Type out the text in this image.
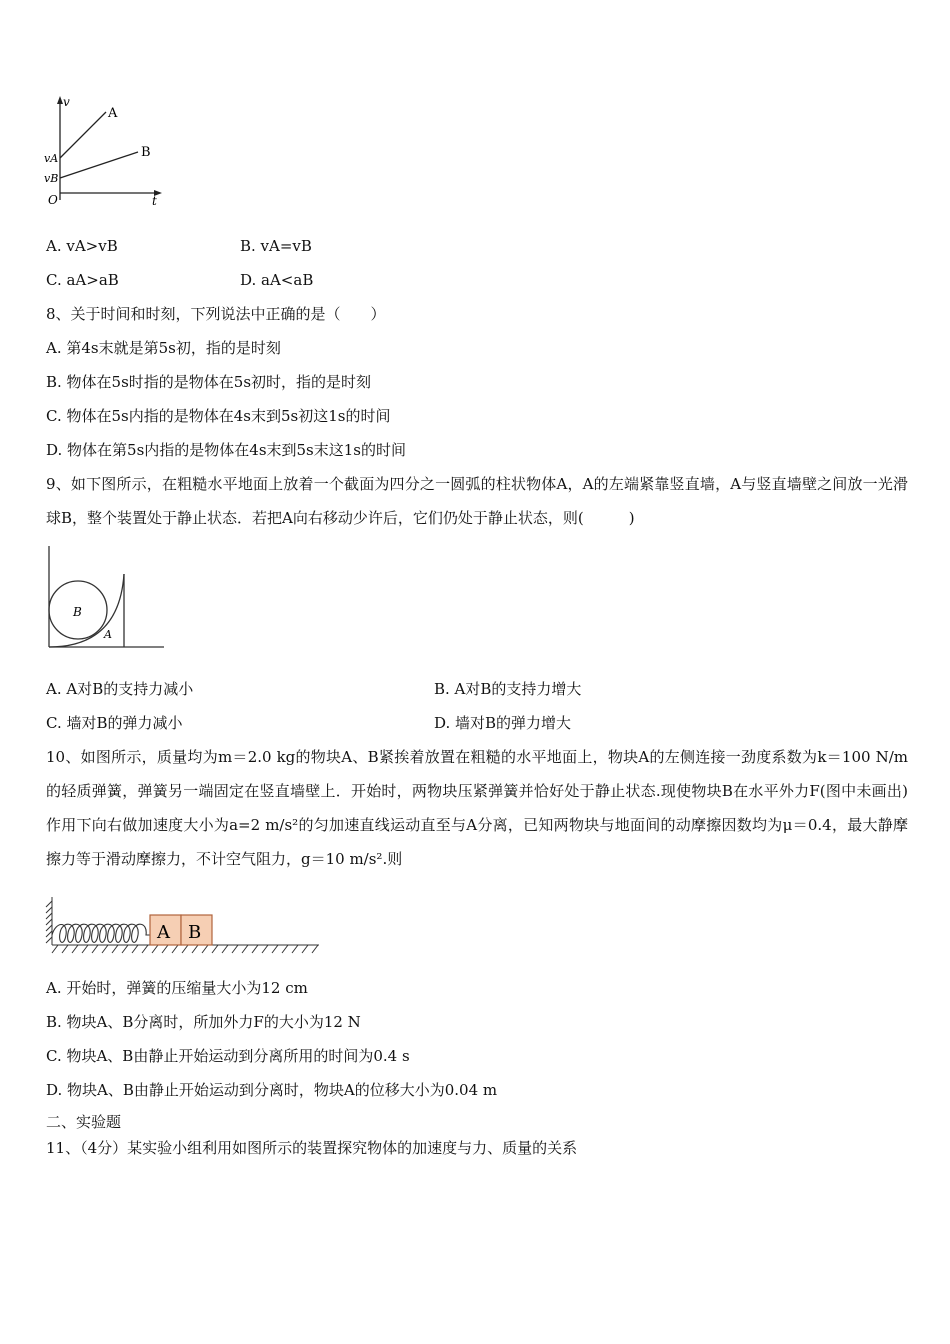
v
A
B
vA
vB
O	t
A. vA>vB	B. vA=vB
C. aA>aB	D. aA<aB
8、关于时间和时刻，下列说法中正确的是（　　）
A. 第4s末就是第5s初，指的是时刻
B. 物体在5s时指的是物体在5s初时，指的是时刻
C. 物体在5s内指的是物体在4s末到5s初这1s的时间
D. 物体在第5s内指的是物体在4s末到5s末这1s的时间
9、如下图所示，在粗糙水平地面上放着一个截面为四分之一圆弧的柱状物体A，A的左端紧靠竖直墙，A与竖直墙壁之间放一光滑球B，整个装置处于静止状态．若把A向右移动少许后，它们仍处于静止状态，则(　　　)
B
A
A. A对B的支持力减小	B. A对B的支持力增大
C. 墙对B的弹力减小	D. 墙对B的弹力增大
10、如图所示，质量均为m＝2.0 kg的物块A、B紧挨着放置在粗糙的水平地面上，物块A的左侧连接一劲度系数为k＝100 N/m的轻质弹簧，弹簧另一端固定在竖直墙壁上．开始时，两物块压紧弹簧并恰好处于静止状态.现使物块B在水平外力F(图中未画出)作用下向右做加速度大小为a=2 m/s²的匀加速直线运动直至与A分离，已知两物块与地面间的动摩擦因数均为μ＝0.4，最大静摩擦力等于滑动摩擦力，不计空气阻力，g＝10 m/s².则
A B
A. 开始时，弹簧的压缩量大小为12 cm
B. 物块A、B分离时，所加外力F的大小为12 N
C. 物块A、B由静止开始运动到分离所用的时间为0.4 s
D. 物块A、B由静止开始运动到分离时，物块A的位移大小为0.04 m
二、实验题
11、（4分）某实验小组利用如图所示的装置探究物体的加速度与力、质量的关系
